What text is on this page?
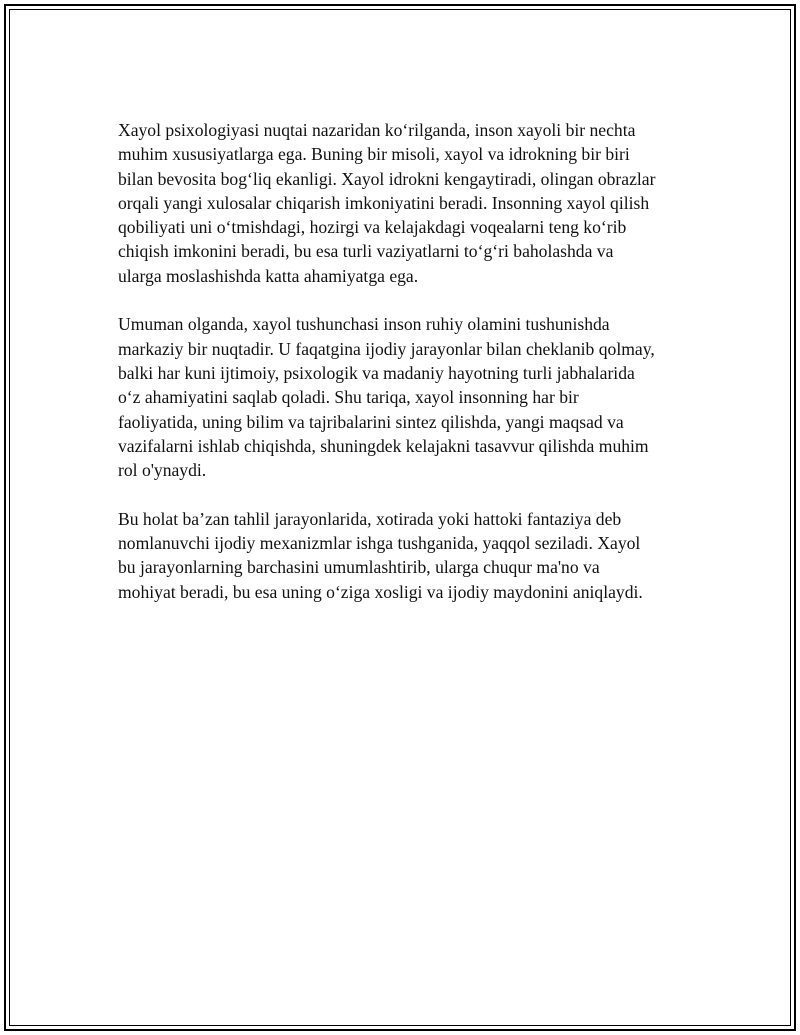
Xayol psixologiyasi nuqtai nazaridan koʻrilganda, inson xayoli bir nechta
muhim xususiyatlarga ega. Buning bir misoli, xayol va idrokning bir biri
bilan bevosita bogʻliq ekanligi. Xayol idrokni kengaytiradi, olingan obrazlar
orqali yangi xulosalar chiqarish imkoniyatini beradi. Insonning xayol qilish
qobiliyati uni oʻtmishdagi, hozirgi va kelajakdagi voqealarni teng koʻrib
chiqish imkonini beradi, bu esa turli vaziyatlarni toʻgʻri baholashda va
ularga moslashishda katta ahamiyatga ega.

Umuman olganda, xayol tushunchasi inson ruhiy olamini tushunishda
markaziy bir nuqtadir. U faqatgina ijodiy jarayonlar bilan cheklanib qolmay,
balki har kuni ijtimoiy, psixologik va madaniy hayotning turli jabhalarida
oʻz ahamiyatini saqlab qoladi. Shu tariqa, xayol insonning har bir
faoliyatida, uning bilim va tajribalarini sintez qilishda, yangi maqsad va
vazifalarni ishlab chiqishda, shuningdek kelajakni tasavvur qilishda muhim
rol o'ynaydi.

Bu holat baʼzan tahlil jarayonlarida, xotirada yoki hattoki fantaziya deb
nomlanuvchi ijodiy mexanizmlar ishga tushganida, yaqqol seziladi. Xayol
bu jarayonlarning barchasini umumlashtirib, ularga chuqur ma'no va
mohiyat beradi, bu esa uning oʻziga xosligi va ijodiy maydonini aniqlaydi.
